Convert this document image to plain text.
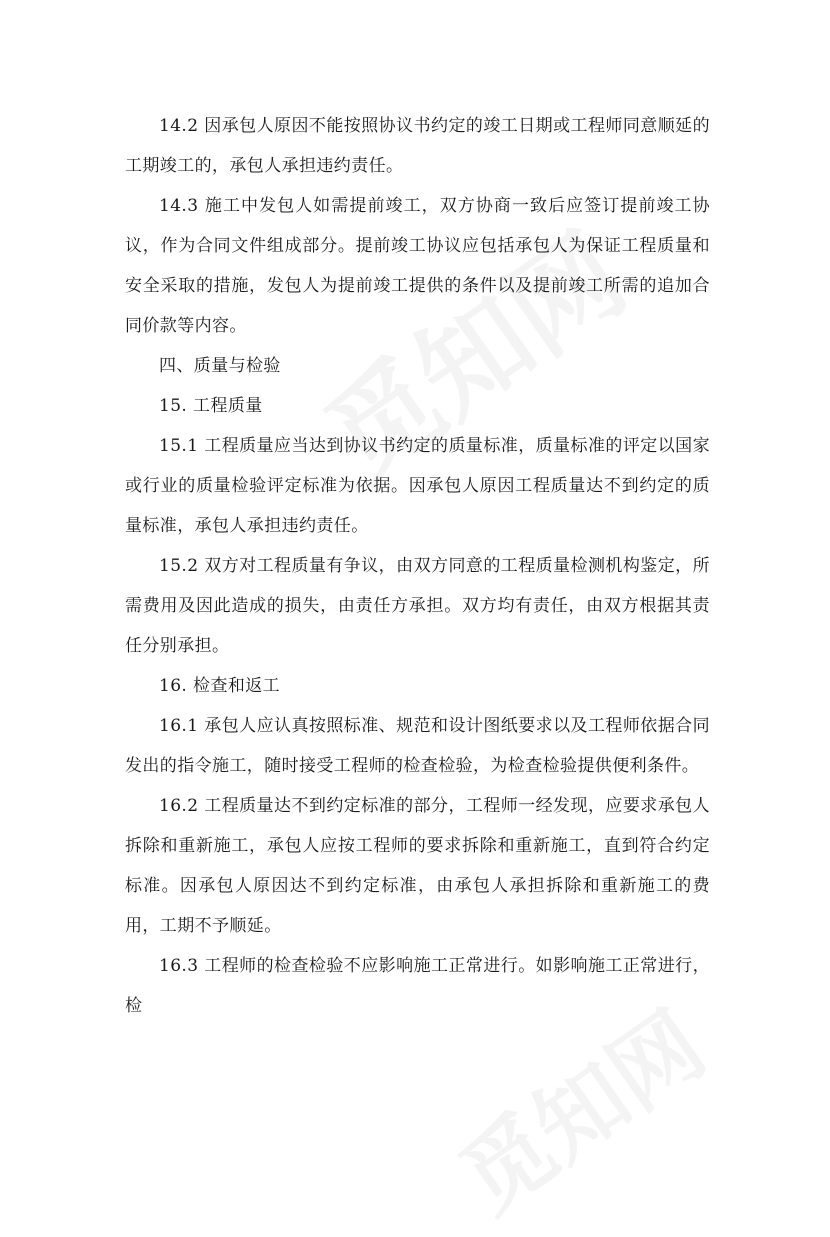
14.2 因承包人原因不能按照协议书约定的竣工日期或工程师同意顺延的工期竣工的，承包人承担违约责任。

14.3 施工中发包人如需提前竣工，双方协商一致后应签订提前竣工协议，作为合同文件组成部分。提前竣工协议应包括承包人为保证工程质量和安全采取的措施，发包人为提前竣工提供的条件以及提前竣工所需的追加合同价款等内容。

四、质量与检验

15. 工程质量

15.1 工程质量应当达到协议书约定的质量标准，质量标准的评定以国家或行业的质量检验评定标准为依据。因承包人原因工程质量达不到约定的质量标准，承包人承担违约责任。

15.2 双方对工程质量有争议，由双方同意的工程质量检测机构鉴定，所需费用及因此造成的损失，由责任方承担。双方均有责任，由双方根据其责任分别承担。

16. 检查和返工

16.1 承包人应认真按照标准、规范和设计图纸要求以及工程师依据合同发出的指令施工，随时接受工程师的检查检验，为检查检验提供便利条件。

16.2 工程质量达不到约定标准的部分，工程师一经发现，应要求承包人拆除和重新施工，承包人应按工程师的要求拆除和重新施工，直到符合约定标准。因承包人原因达不到约定标准，由承包人承担拆除和重新施工的费用，工期不予顺延。

16.3 工程师的检查检验不应影响施工正常进行。如影响施工正常进行，检
